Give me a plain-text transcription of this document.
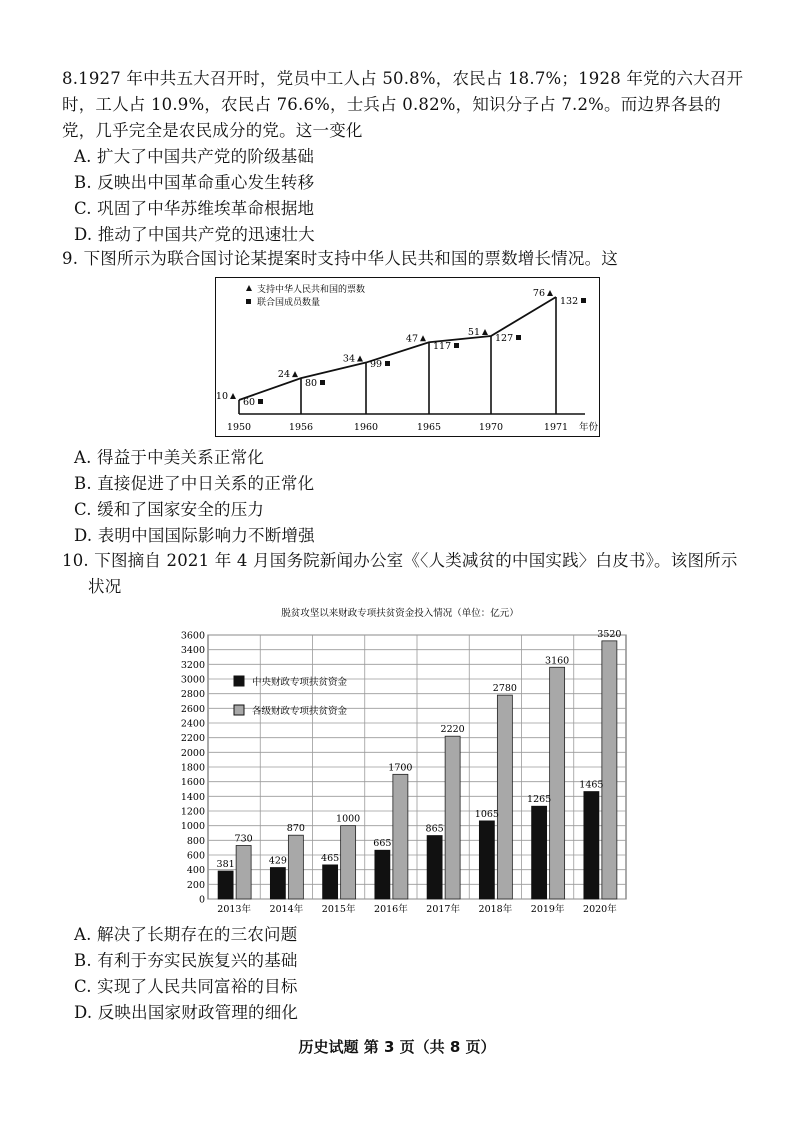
8.1927 年中共五大召开时，党员中工人占 50.8%，农民占 18.7%；1928 年党的六大召开

时，工人占 10.9%，农民占 76.6%，士兵占 0.82%，知识分子占 7.2%。而边界各县的

党，几乎完全是农民成分的党。这一变化

A. 扩大了中国共产党的阶级基础

B. 反映出中国革命重心发生转移

C. 巩固了中华苏维埃革命根据地

D. 推动了中国共产党的迅速壮大

9. 下图所示为联合国讨论某提案时支持中华人民共和国的票数增长情况。这

支持中华人民共和国的票数
联合国成员数量
10
24
34
47
51
76
60
80
99
117
127
132
1950	1956	1960	1965	1970	1971 年份

A. 得益于中美关系正常化

B. 直接促进了中日关系的正常化

C. 缓和了国家安全的压力

D. 表明中国国际影响力不断增强

10. 下图摘自 2021 年 4 月国务院新闻办公室《〈人类减贫的中国实践〉白皮书》。该图所示

状况

脱贫攻坚以来财政专项扶贫资金投入情况（单位：亿元）
0
200
400
600
800
1000
1200
1400
1600
1800
2000
2200
2400
2600
2800
3000
3200
3400
3600
381
730
2013年
429
870
2014年
465
1000
2015年
665
1700
2016年
865
2220
2017年
1065
2780
2018年
1265
3160
2019年
1465
3520
2020年
中央财政专项扶贫资金
各级财政专项扶贫资金

A. 解决了长期存在的三农问题

B. 有利于夯实民族复兴的基础

C. 实现了人民共同富裕的目标

D. 反映出国家财政管理的细化

历史试题 第 3 页（共 8 页）
